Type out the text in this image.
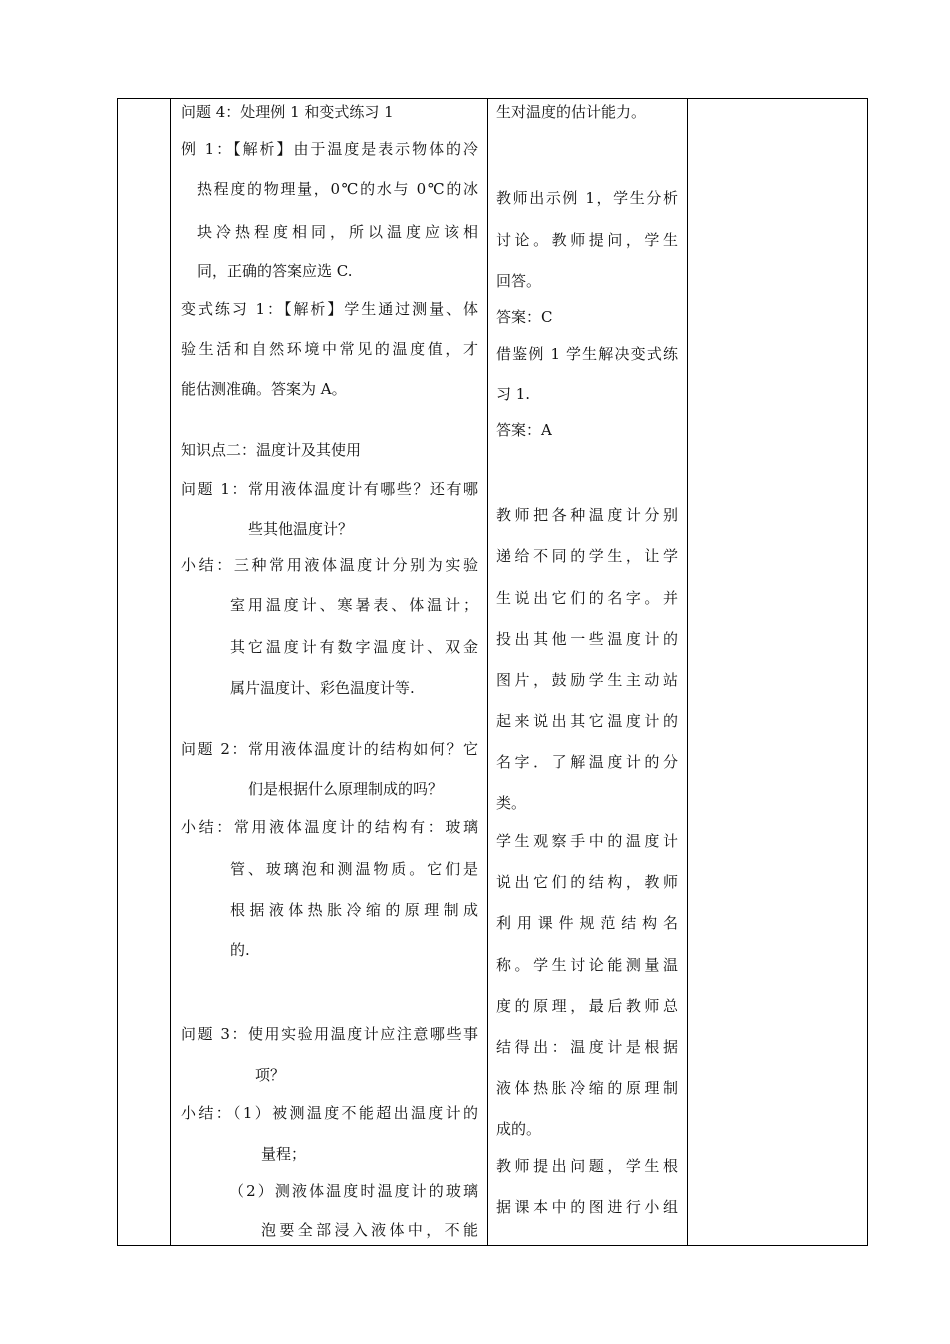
问题 4：处理例 1 和变式练习 1
例 1：【解析】由于温度是表示物体的冷
热程度的物理量，0℃的水与 0℃的冰
块冷热程度相同，所以温度应该相
同，正确的答案应选 C.
变式练习 1：【解析】学生通过测量、体
验生活和自然环境中常见的温度值，才
能估测准确。答案为 A。
知识点二：温度计及其使用
问题 1：常用液体温度计有哪些？还有哪
些其他温度计？
小结：三种常用液体温度计分别为实验
室用温度计、寒暑表、体温计；
其它温度计有数字温度计、双金
属片温度计、彩色温度计等.
问题 2：常用液体温度计的结构如何？它
们是根据什么原理制成的吗？
小结：常用液体温度计的结构有：玻璃
管、玻璃泡和测温物质。它们是
根据液体热胀冷缩的原理制成
的.
问题 3：使用实验用温度计应注意哪些事
项？
小结：（1）被测温度不能超出温度计的
量程；
（2）测液体温度时温度计的玻璃
泡要全部浸入液体中，不能
生对温度的估计能力。
教师出示例 1，学生分析
讨论。教师提问，学生
回答。
答案：C
借鉴例 1 学生解决变式练
习 1.
答案：A
教师把各种温度计分别
递给不同的学生，让学
生说出它们的名字。并
投出其他一些温度计的
图片，鼓励学生主动站
起来说出其它温度计的
名字．了解温度计的分
类。
学生观察手中的温度计
说出它们的结构，教师
利用课件规范结构名
称。学生讨论能测量温
度的原理，最后教师总
结得出：温度计是根据
液体热胀冷缩的原理制
成的。
教师提出问题，学生根
据课本中的图进行小组
